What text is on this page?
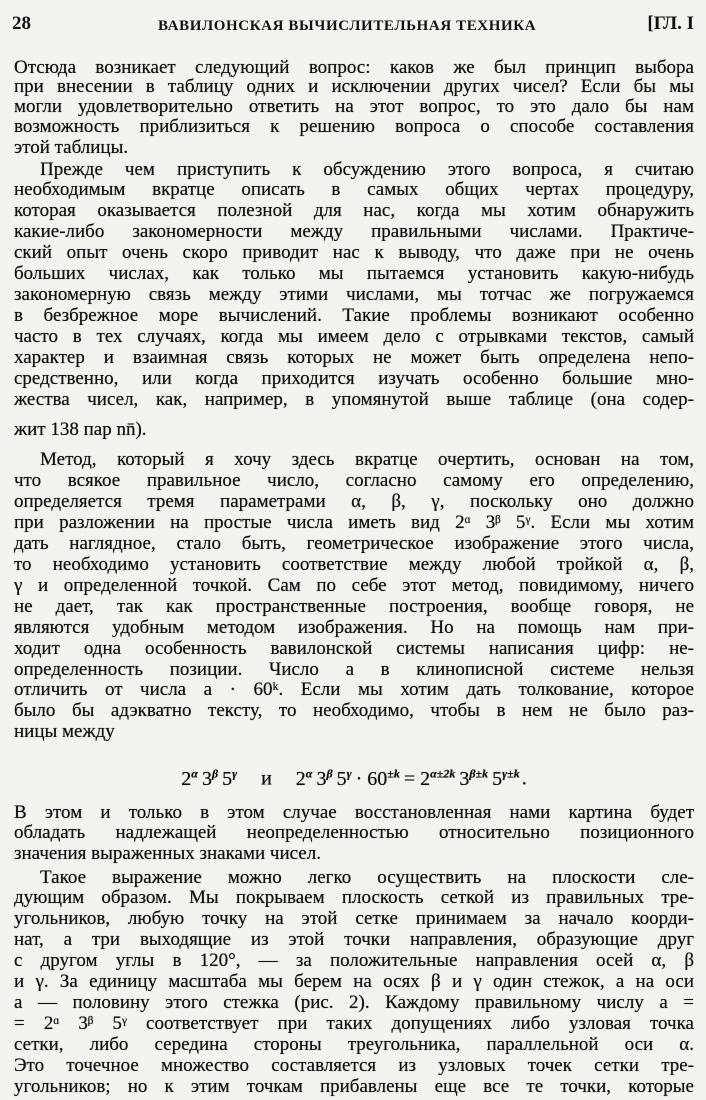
28	ВАВИЛОНСКАЯ ВЫЧИСЛИТЕЛЬНАЯ ТЕХНИКА	[ГЛ. I
Отсюда возникает следующий вопрос: каков же был принцип выбора
при внесении в таблицу одних и исключении других чисел? Если бы мы
могли удовлетворительно ответить на этот вопрос, то это дало бы нам
возможность приблизиться к решению вопроса о способе составления
этой таблицы.
Прежде чем приступить к обсуждению этого вопроса, я считаю
необходимым вкратце описать в самых общих чертах процедуру,
которая оказывается полезной для нас, когда мы хотим обнаружить
какие-либо закономерности между правильными числами. Практиче-
ский опыт очень скоро приводит нас к выводу, что даже при не очень
больших числах, как только мы пытаемся установить какую-нибудь
закономерную связь между этими числами, мы тотчас же погружаемся
в безбрежное море вычислений. Такие проблемы возникают особенно
часто в тех случаях, когда мы имеем дело с отрывками текстов, самый
характер и взаимная связь которых не может быть определена непо-
средственно, или когда приходится изучать особенно большие мно-
жества чисел, как, например, в упомянутой выше таблице (она содер-
жит 138 пар nn̄).
Метод, который я хочу здесь вкратце очертить, основан на том,
что всякое правильное число, согласно самому его определению,
определяется тремя параметрами α, β, γ, поскольку оно должно
при разложении на простые числа иметь вид 2ᵅ 3ᵝ 5ᵞ. Если мы хотим
дать наглядное, стало быть, геометрическое изображение этого числа,
то необходимо установить соответствие между любой тройкой α, β,
γ и определенной точкой. Сам по себе этот метод, повидимому, ничего
не дает, так как пространственные построения, вообще говоря, не
являются удобным методом изображения. Но на помощь нам при-
ходит одна особенность вавилонской системы написания цифр: не-
определенность позиции. Число a в клинописной системе нельзя
отличить от числа a · 60ᵏ. Если мы хотим дать толкование, которое
было бы адэкватно тексту, то необходимо, чтобы в нем не было раз-
ницы между
В этом и только в этом случае восстановленная нами картина будет
обладать надлежащей неопределенностью относительно позиционного
значения выраженных знаками чисел.
Такое выражение можно легко осуществить на плоскости сле-
дующим образом. Мы покрываем плоскость сеткой из правильных тре-
угольников, любую точку на этой сетке принимаем за начало коорди-
нат, а три выходящие из этой точки направления, образующие друг
с другом углы в 120°, — за положительные направления осей α, β
и γ. За единицу масштаба мы берем на осях β и γ один стежок, а на оси
a — половину этого стежка (рис. 2). Каждому правильному числу a =
= 2ᵅ 3ᵝ 5ᵞ соответствует при таких допущениях либо узловая точка
сетки, либо середина стороны треугольника, параллельной оси α.
Это точечное множество составляется из узловых точек сетки тре-
угольников; но к этим точкам прибавлены еще все те точки, которые
$2^\alpha$ $3^\beta$ $5^\gamma$ и $2^\alpha$ $3^\beta$ $5^\gamma \cdot 60^{\pm k} = 2^{\alpha\pm 2k}$ $3^{\beta\pm k}$ $5^{\gamma\pm k}$ .
